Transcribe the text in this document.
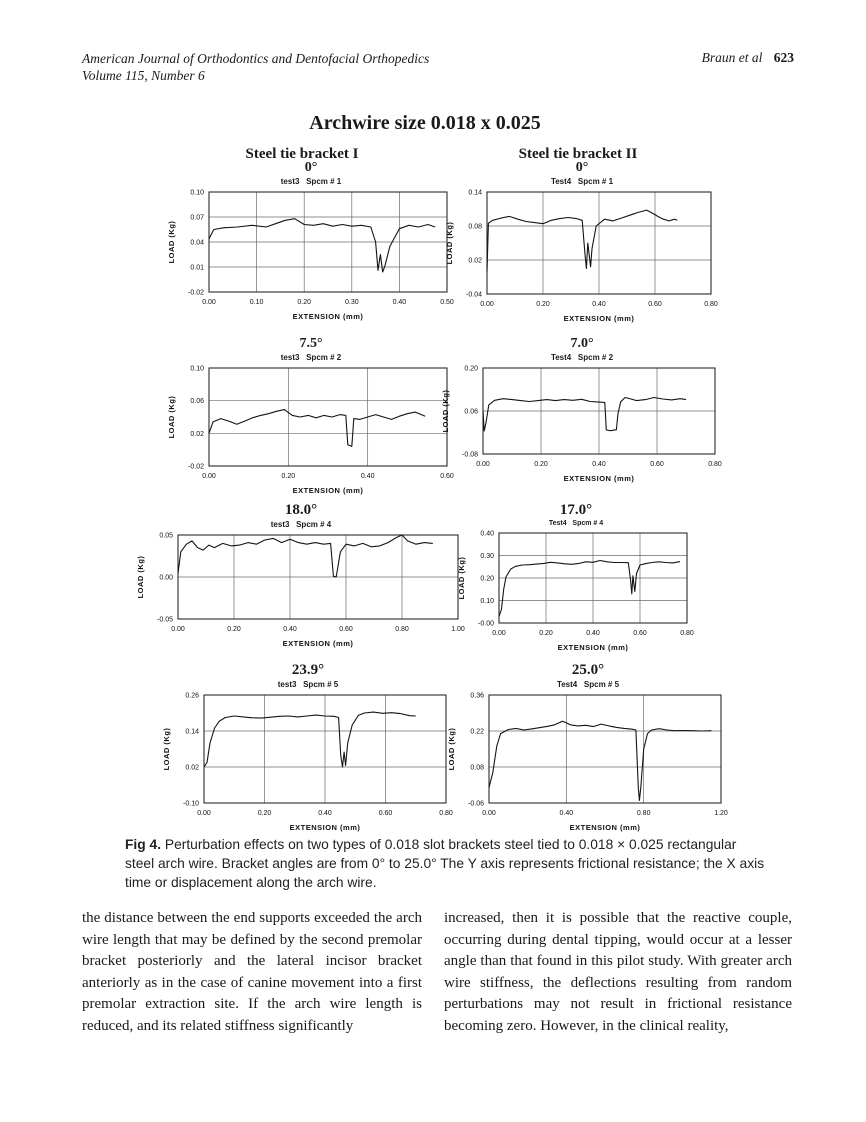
American Journal of Orthodontics and Dentofacial Orthopedics
Volume 115, Number 6
Braun et al 623
Archwire size 0.018 x 0.025
Steel tie bracket I	Steel tie bracket II
0°
test3   Spcm # 1
0.10
0.07
0.04
0.01
-0.02
0.00	0.10	0.20	0.30	0.40	0.50
EXTENSION (mm)
LOAD (Kg)
0°
Test4   Spcm # 1
0.14
0.08
0.02
-0.04
0.00	0.20	0.40	0.60	0.80
EXTENSION (mm)
LOAD (Kg)
7.5°
test3   Spcm # 2
0.10
0.06
0.02
-0.02
0.00	0.20	0.40	0.60
EXTENSION (mm)
LOAD (Kg)
7.0°
Test4   Spcm # 2
0.20
0.06
-0.08
0.00	0.20	0.40	0.60	0.80
EXTENSION (mm)
LOAD (Kg)
18.0°
test3   Spcm # 4
0.05
0.00
-0.05
0.00	0.20	0.40	0.60	0.80	1.00
EXTENSION (mm)
LOAD (Kg)
17.0°
Test4   Spcm # 4
0.40
0.30
0.20
0.10
-0.00
0.00	0.20	0.40	0.60	0.80
EXTENSION (mm)
LOAD (Kg)
23.9°
test3   Spcm # 5
0.26
0.14
0.02
-0.10
0.00	0.20	0.40	0.60	0.80
EXTENSION (mm)
LOAD (Kg)
25.0°
Test4   Spcm # 5
0.36
0.22
0.08
-0.06
0.00	0.40	0.80	1.20
EXTENSION (mm)
LOAD (Kg)
Fig 4. Perturbation effects on two types of 0.018 slot brackets steel tied to 0.018 × 0.025 rectangular steel arch wire. Bracket angles are from 0° to 25.0° The Y axis represents frictional resistance; the X axis time or displacement along the arch wire.
the distance between the end supports exceeded the arch wire length that may be defined by the second premolar bracket posteriorly and the lateral incisor bracket anteriorly as in the case of canine movement into a first premolar extraction site. If the arch wire length is reduced, and its related stiffness significantly
increased, then it is possible that the reactive couple, occurring during dental tipping, would occur at a lesser angle than that found in this pilot study. With greater arch wire stiffness, the deflections resulting from random perturbations may not result in frictional resistance becoming zero. However, in the clinical reality,
